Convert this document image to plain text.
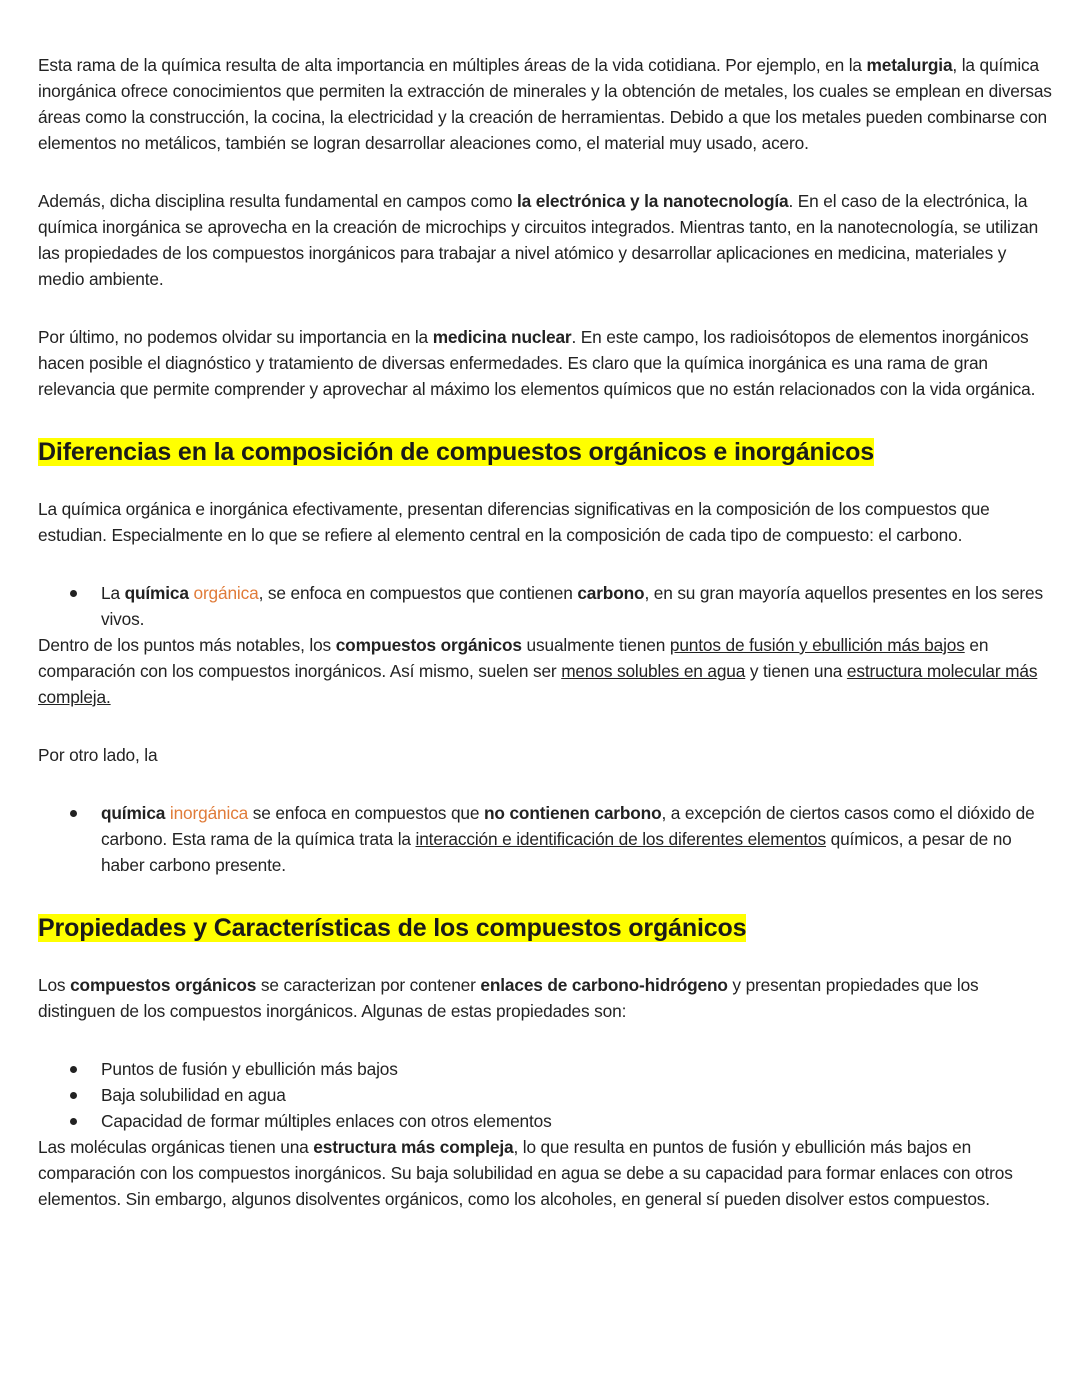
Esta rama de la química resulta de alta importancia en múltiples áreas de la vida cotidiana. Por ejemplo, en la metalurgia, la química inorgánica ofrece conocimientos que permiten la extracción de minerales y la obtención de metales, los cuales se emplean en diversas áreas como la construcción, la cocina, la electricidad y la creación de herramientas. Debido a que los metales pueden combinarse con elementos no metálicos, también se logran desarrollar aleaciones como, el material muy usado, acero.

Además, dicha disciplina resulta fundamental en campos como la electrónica y la nanotecnología. En el caso de la electrónica, la química inorgánica se aprovecha en la creación de microchips y circuitos integrados. Mientras tanto, en la nanotecnología, se utilizan las propiedades de los compuestos inorgánicos para trabajar a nivel atómico y desarrollar aplicaciones en medicina, materiales y medio ambiente.

Por último, no podemos olvidar su importancia en la medicina nuclear. En este campo, los radioisótopos de elementos inorgánicos hacen posible el diagnóstico y tratamiento de diversas enfermedades. Es claro que la química inorgánica es una rama de gran relevancia que permite comprender y aprovechar al máximo los elementos químicos que no están relacionados con la vida orgánica.

Diferencias en la composición de compuestos orgánicos e inorgánicos

La química orgánica e inorgánica efectivamente, presentan diferencias significativas en la composición de los compuestos que estudian. Especialmente en lo que se refiere al elemento central en la composición de cada tipo de compuesto: el carbono.

La química orgánica, se enfoca en compuestos que contienen carbono, en su gran mayoría aquellos presentes en los seres vivos.

Dentro de los puntos más notables, los compuestos orgánicos usualmente tienen puntos de fusión y ebullición más bajos en comparación con los compuestos inorgánicos. Así mismo, suelen ser menos solubles en agua y tienen una estructura molecular más compleja.

Por otro lado, la

química inorgánica se enfoca en compuestos que no contienen carbono, a excepción de ciertos casos como el dióxido de carbono. Esta rama de la química trata la interacción e identificación de los diferentes elementos químicos, a pesar de no haber carbono presente.
Propiedades y Características de los compuestos orgánicos

Los compuestos orgánicos se caracterizan por contener enlaces de carbono-hidrógeno y presentan propiedades que los distinguen de los compuestos inorgánicos. Algunas de estas propiedades son:

Puntos de fusión y ebullición más bajos
Baja solubilidad en agua
Capacidad de formar múltiples enlaces con otros elementos

Las moléculas orgánicas tienen una estructura más compleja, lo que resulta en puntos de fusión y ebullición más bajos en comparación con los compuestos inorgánicos. Su baja solubilidad en agua se debe a su capacidad para formar enlaces con otros elementos. Sin embargo, algunos disolventes orgánicos, como los alcoholes, en general sí pueden disolver estos compuestos.
